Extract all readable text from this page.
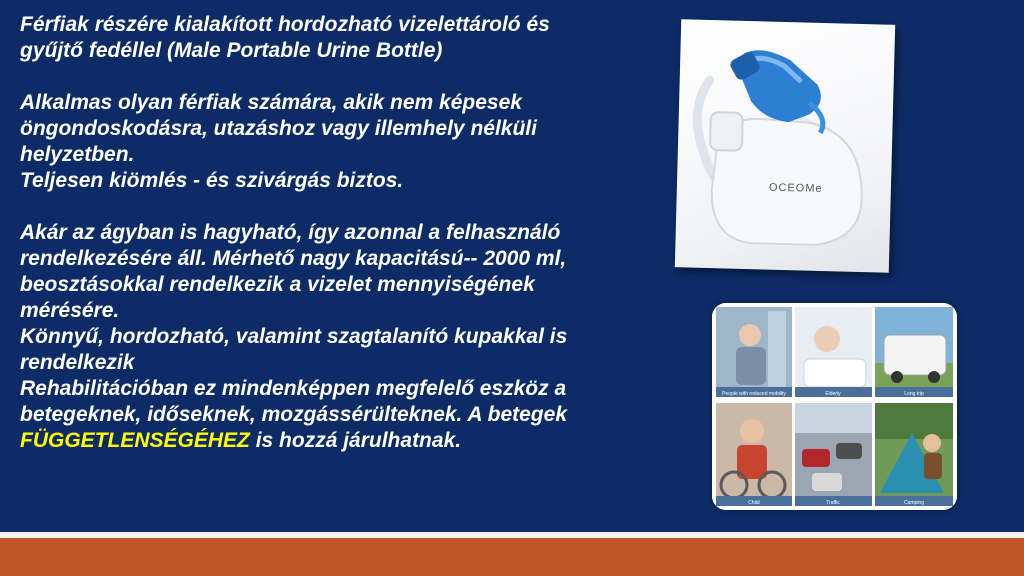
Férfiak részére kialakított hordozható vizelettároló és

gyűjtő fedéllel (Male Portable Urine Bottle)

Alkalmas olyan férfiak számára, akik nem képesek

öngondoskodásra, utazáshoz vagy illemhely nélküli

helyzetben.

Teljesen kiömlés - és szivárgás biztos.

Akár az ágyban is hagyható, így azonnal a felhasználó

rendelkezésére áll. Mérhető nagy kapacitású-- 2000 ml,

beosztásokkal rendelkezik a vizelet mennyiségének

mérésére.

Könnyű, hordozható, valamint szagtalanító kupakkal is

rendelkezik

Rehabilitációban ez mindenképpen megfelelő eszköz a

betegeknek, időseknek, mozgássérülteknek. A betegek

FÜGGETLENSÉGÉHEZ is hozzá járulhatnak.

OCEOMe
People with reduced mobility	Elderly	Long trip
Child	Traffic	Camping
